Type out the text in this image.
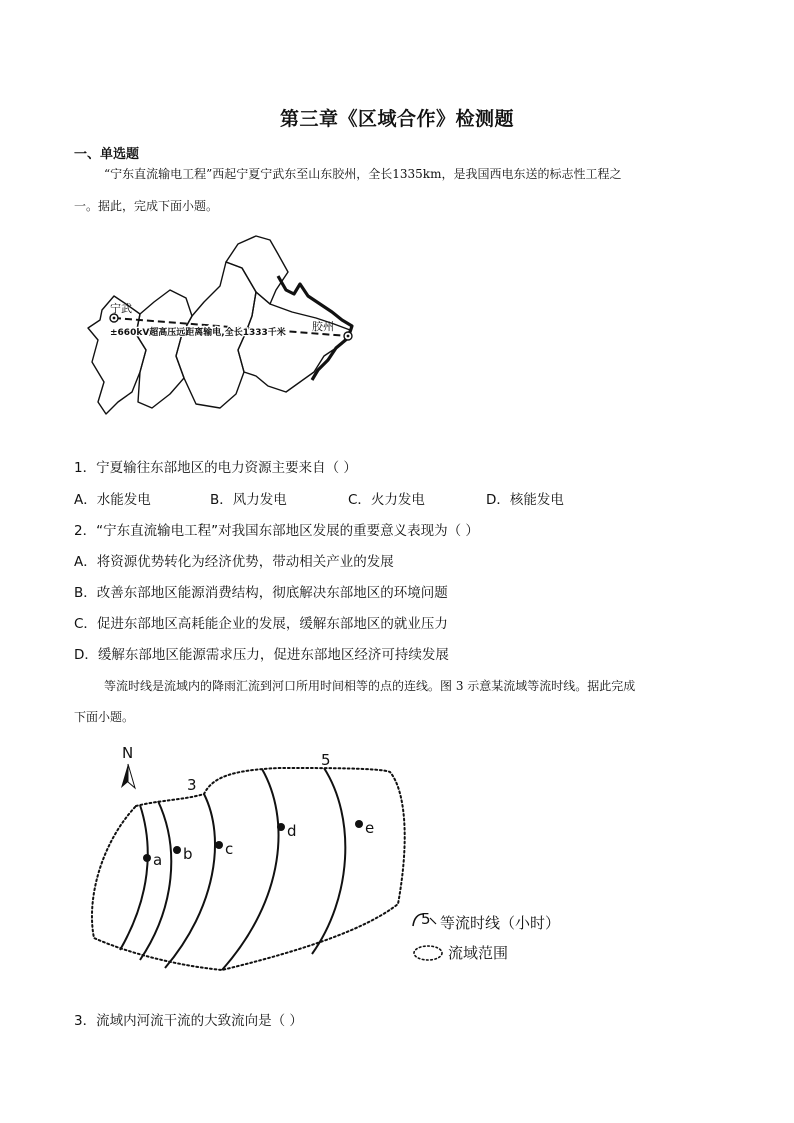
第三章《区域合作》检测题
一、单选题
“宁东直流输电工程”西起宁夏宁武东至山东胶州，全长1335km，是我国西电东送的标志性工程之
一。据此，完成下面小题。
宁武
胶州
±660kV超高压远距离输电,全长1333千米
1．宁夏输往东部地区的电力资源主要来自（ ）
A．水能发电	B．风力发电	C．火力发电	D．核能发电
2．“宁东直流输电工程”对我国东部地区发展的重要意义表现为（ ）
A．将资源优势转化为经济优势，带动相关产业的发展
B．改善东部地区能源消费结构，彻底解决东部地区的环境问题
C．促进东部地区高耗能企业的发展，缓解东部地区的就业压力
D．缓解东部地区能源需求压力，促进东部地区经济可持续发展
等流时线是流域内的降雨汇流到河口所用时间相等的点的连线。图 3 示意某流域等流时线。据此完成
下面小题。
N
a b c
d	e
3
5
5 等流时线（小时）
流域范围
3．流域内河流干流的大致流向是（ ）
